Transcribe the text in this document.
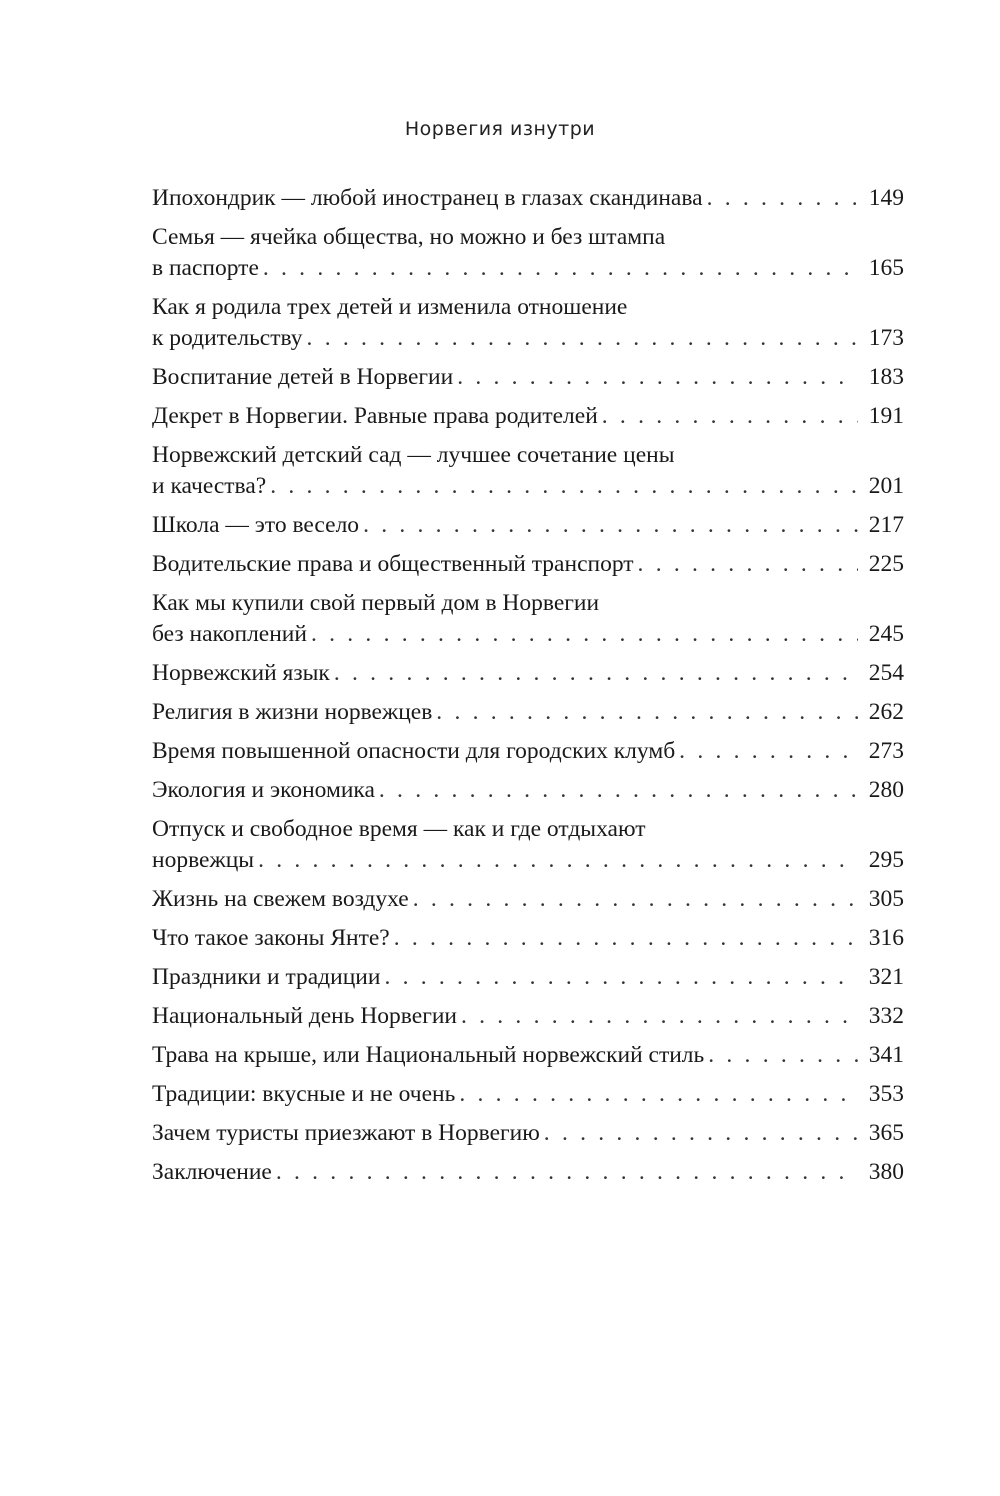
Норвегия изнутри
Ипохондрик — любой иностранец в глазах скандинава . . .	149
Семья — ячейка общества, но можно и без штампа
в паспорте . . .	165
Как я родила трех детей и изменила отношение
к родительству . . .	173
Воспитание детей в Норвегии . . .	183
Декрет в Норвегии. Равные права родителей . . .	191
Норвежский детский сад — лучшее сочетание цены
и качества? . . .	201
Школа — это весело . . .	217
Водительские права и общественный транспорт . . .	225
Как мы купили свой первый дом в Норвегии
без накоплений . . .	245
Норвежский язык . . .	254
Религия в жизни норвежцев . . .	262
Время повышенной опасности для городских клумб . . .	273
Экология и экономика . . .	280
Отпуск и свободное время — как и где отдыхают
норвежцы . . .	295
Жизнь на свежем воздухе . . .	305
Что такое законы Янте? . . .	316
Праздники и традиции . . .	321
Национальный день Норвегии . . .	332
Трава на крыше, или Национальный норвежский стиль . . .	341
Традиции: вкусные и не очень . . .	353
Зачем туристы приезжают в Норвегию . . .	365
Заключение . . .	380
